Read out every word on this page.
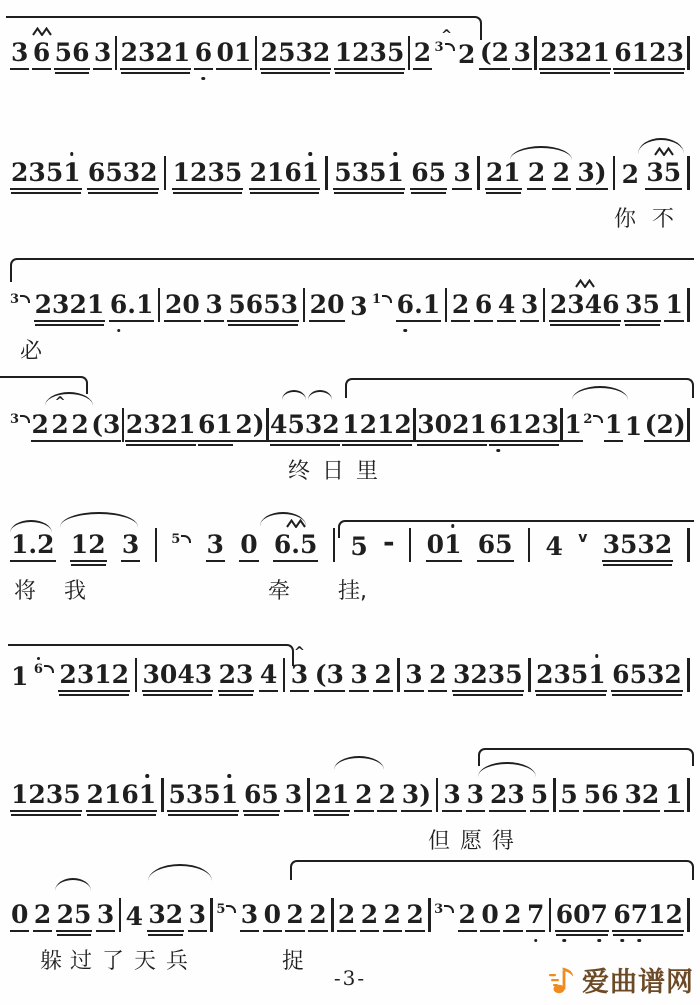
3 6 56 3 2321 6 01 2532 1235 2 3
^ 2 (2 3 2321 6123
2351 6532 1235 2161 5351 65 3 21 2 2 3) 2 35
你 不
3 2321 6
.1 20 3 5653 20 3 1 6
.1 2 6 4 3 2346 35 1
必
3 2 2
^ 2 (3 2321 61 2) 4532 1212 3021 6
123 1 2 1 1 (2)
终 日 里
1.2 12 3 5	3 0 6.5 5 - 01 65 4 v 3532
将 我	牵 挂,
1 6 2312 3043 23 4 3
^ (3 3 2 3 2 3235 2351 6532
1235 2161 5351 65 3 21 2 2 3) 3 3 23 5 5 56 32 1
但 愿 得
0 2 25 3 4 32 3 5 3 0 2 2 2 2 2 2 3 2 0 2 7 6
07 6
7
12
躲 过 了 天 兵	捉
-3-	爱曲谱网
